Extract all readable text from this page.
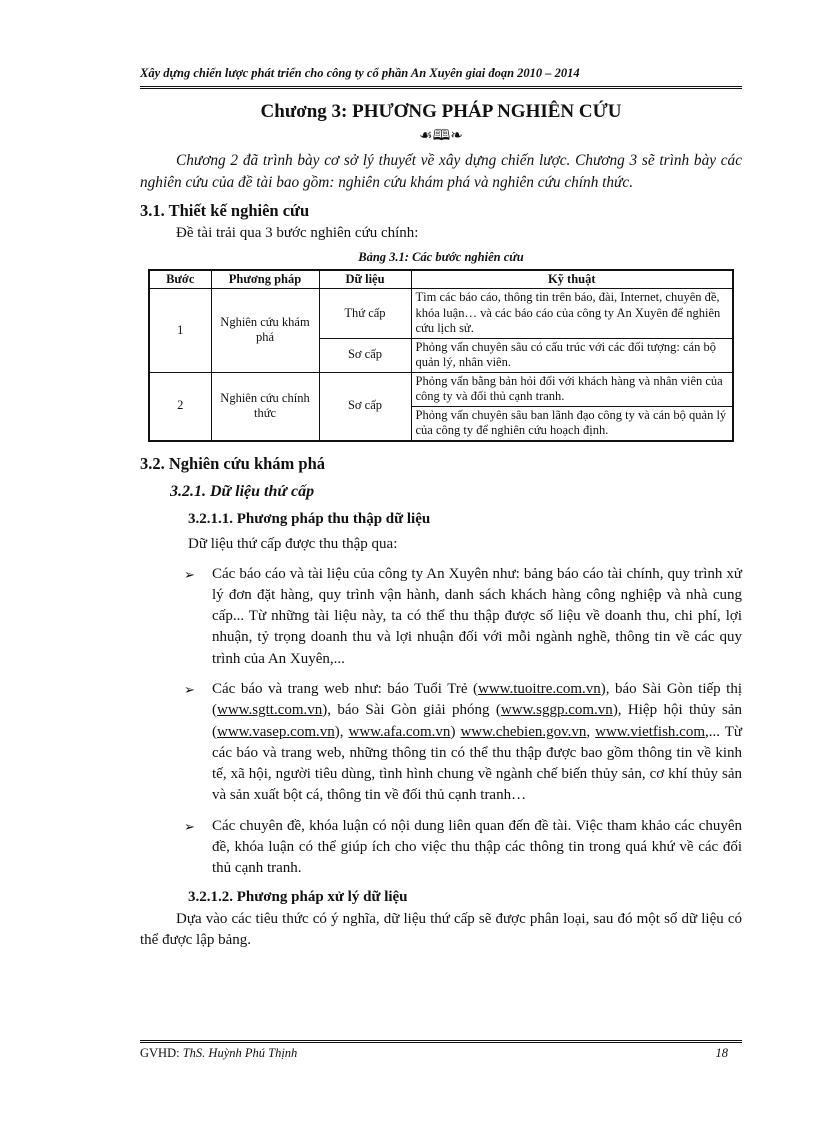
Xây dựng chiến lược phát triển cho công ty cổ phần An Xuyên giai đoạn 2010 – 2014
Chương 3: PHƯƠNG PHÁP NGHIÊN CỨU
☙🕮❧

Chương 2 đã trình bày cơ sở lý thuyết về xây dựng chiến lược. Chương 3 sẽ trình bày các nghiên cứu của đề tài bao gồm: nghiên cứu khám phá và nghiên cứu chính thức.

3.1. Thiết kế nghiên cứu

Đề tài trải qua 3 bước nghiên cứu chính:

Bảng 3.1: Các bước nghiên cứu
Bước	Phương pháp	Dữ liệu	Kỹ thuật
1	Nghiên cứu khám phá	Thứ cấp	Tìm các báo cáo, thông tin trên báo, đài, Internet, chuyên đề, khóa luận… và các báo cáo của công ty An Xuyên để nghiên cứu lịch sử.
		Sơ cấp	Phỏng vấn chuyên sâu có cấu trúc với các đối tượng: cán bộ quản lý, nhân viên.
2	Nghiên cứu chính thức	Sơ cấp	Phỏng vấn bằng bản hỏi đối với khách hàng và nhân viên của công ty và đối thủ cạnh tranh.
			Phỏng vấn chuyên sâu ban lãnh đạo công ty và cán bộ quản lý của công ty để nghiên cứu hoạch định.
3.2. Nghiên cứu khám phá
3.2.1. Dữ liệu thứ cấp
3.2.1.1. Phương pháp thu thập dữ liệu

Dữ liệu thứ cấp được thu thập qua:

➢ Các báo cáo và tài liệu của công ty An Xuyên như: bảng báo cáo tài chính, quy trình xử lý đơn đặt hàng, quy trình vận hành, danh sách khách hàng công nghiệp và nhà cung cấp... Từ những tài liệu này, ta có thể thu thập được số liệu về doanh thu, chi phí, lợi nhuận, tỷ trọng doanh thu và lợi nhuận đối với mỗi ngành nghề, thông tin về các quy trình của An Xuyên,...
➢ Các báo và trang web như: báo Tuổi Trẻ (www.tuoitre.com.vn), báo Sài Gòn tiếp thị (www.sgtt.com.vn), báo Sài Gòn giải phóng (www.sggp.com.vn), Hiệp hội thủy sản (www.vasep.com.vn), www.afa.com.vn) www.chebien.gov.vn, www.vietfish.com,... Từ các báo và trang web, những thông tin có thể thu thập được bao gồm thông tin về kinh tế, xã hội, người tiêu dùng, tình hình chung về ngành chế biến thủy sản, cơ khí thủy sản và sản xuất bột cá, thông tin về đối thủ cạnh tranh…
➢ Các chuyên đề, khóa luận có nội dung liên quan đến đề tài. Việc tham khảo các chuyên đề, khóa luận có thể giúp ích cho việc thu thập các thông tin trong quá khứ về các đối thủ cạnh tranh.
3.2.1.2. Phương pháp xử lý dữ liệu

Dựa vào các tiêu thức có ý nghĩa, dữ liệu thứ cấp sẽ được phân loại, sau đó một số dữ liệu có thể được lập bảng.

GVHD: ThS. Huỳnh Phú Thịnh	18
